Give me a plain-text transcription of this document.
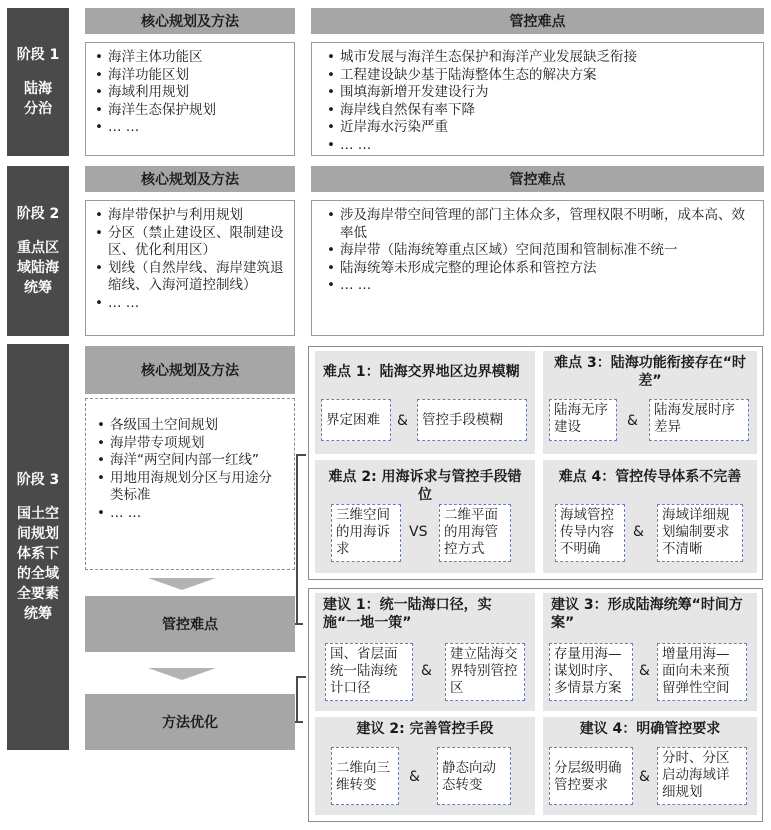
阶段 1
陆海
分治
阶段 2
重点区
域陆海
统筹
阶段 3
国土空
间规划
体系下
的全域
全要素
统筹
核心规划及方法	管控难点
• 海洋主体功能区
• 海洋功能区划
• 海域利用规划
• 海洋生态保护规划
• … …
• 城市发展与海洋生态保护和海洋产业发展缺乏衔接
• 工程建设缺少基于陆海整体生态的解决方案
• 围填海新增开发建设行为
• 海岸线自然保有率下降
• 近岸海水污染严重
• … …
核心规划及方法	管控难点
• 海岸带保护与利用规划
• 分区（禁止建设区、限制建设区、优化利用区）
• 划线（自然岸线、海岸建筑退缩线、入海河道控制线）
• … …
• 涉及海岸带空间管理的部门主体众多，管理权限不明晰，成本高、效率低
• 海岸带（陆海统筹重点区域）空间范围和管制标准不统一
• 陆海统筹未形成完整的理论体系和管控方法
• … …
核心规划及方法
• 各级国土空间规划
• 海岸带专项规划
• 海洋“两空间内部一红线”
• 用地用海规划分区与用途分类标准
• … …
管控难点
方法优化
难点 1：陆海交界地区边界模糊
界定困难	&	管控手段模糊
难点 3：陆海功能衔接存在“时差”
陆海无序建设	&
陆海发展时序差异
难点 2: 用海诉求与管控手段错位
三维空间的用海诉求
VS
二维平面的用海管控方式
难点 4：管控传导体系不完善
海域管控传导内容不明确
&
海域详细规划编制要求不清晰
建议 1：统一陆海口径，实施“一地一策”
国、省层面统一陆海统计口径
&
建立陆海交界特别管控区
建议 3：形成陆海统筹“时间方案”
存量用海—谋划时序、多情景方案
&
增量用海—面向未来预留弹性空间
建议 2: 完善管控手段
二维向三维转变	&
静态向动态转变
建议 4：明确管控要求
分层级明确管控要求	&
分时、分区启动海域详细规划
